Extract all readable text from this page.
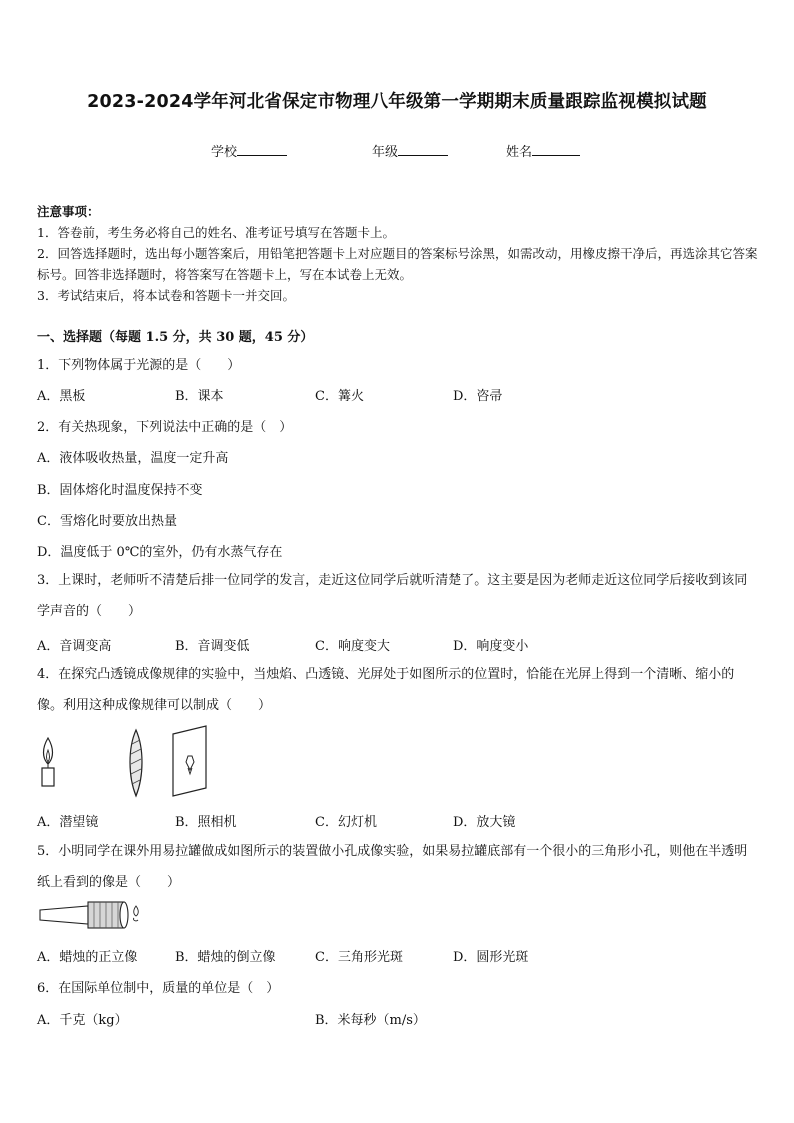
2023-2024学年河北省保定市物理八年级第一学期期末质量跟踪监视模拟试题
学校	年级	姓名
注意事项：
1．答卷前，考生务必将自己的姓名、准考证号填写在答题卡上。
2．回答选择题时，选出每小题答案后，用铅笔把答题卡上对应题目的答案标号涂黑，如需改动，用橡皮擦干净后，再选涂其它答案标号。回答非选择题时，将答案写在答题卡上，写在本试卷上无效。
3．考试结束后，将本试卷和答题卡一并交回。
一、选择题（每题 1.5 分，共 30 题，45 分）
1．下列物体属于光源的是（　　）
A．黑板	B．课本	C．篝火	D．咨帚
2．有关热现象，下列说法中正确的是（　）
A．液体吸收热量，温度一定升高
B．固体熔化时温度保持不变
C．雪熔化时要放出热量
D．温度低于 0℃的室外，仍有水蒸气存在
3．上课时，老师听不清楚后排一位同学的发言，走近这位同学后就听清楚了。这主要是因为老师走近这位同学后接收到该同学声音的（　　）
A．音调变高	B．音调变低	C．响度变大	D．响度变小
4．在探究凸透镜成像规律的实验中，当烛焰、凸透镜、光屏处于如图所示的位置时，恰能在光屏上得到一个清晰、缩小的像。利用这种成像规律可以制成（　　）
A．潜望镜	B．照相机	C．幻灯机	D．放大镜
5．小明同学在课外用易拉罐做成如图所示的装置做小孔成像实验，如果易拉罐底部有一个很小的三角形小孔，则他在半透明纸上看到的像是（　　）
A．蜡烛的正立像	B．蜡烛的倒立像	C．三角形光斑	D．圆形光斑
6．在国际单位制中，质量的单位是（　）
A．千克（kg）	B．米每秒（m/s）
